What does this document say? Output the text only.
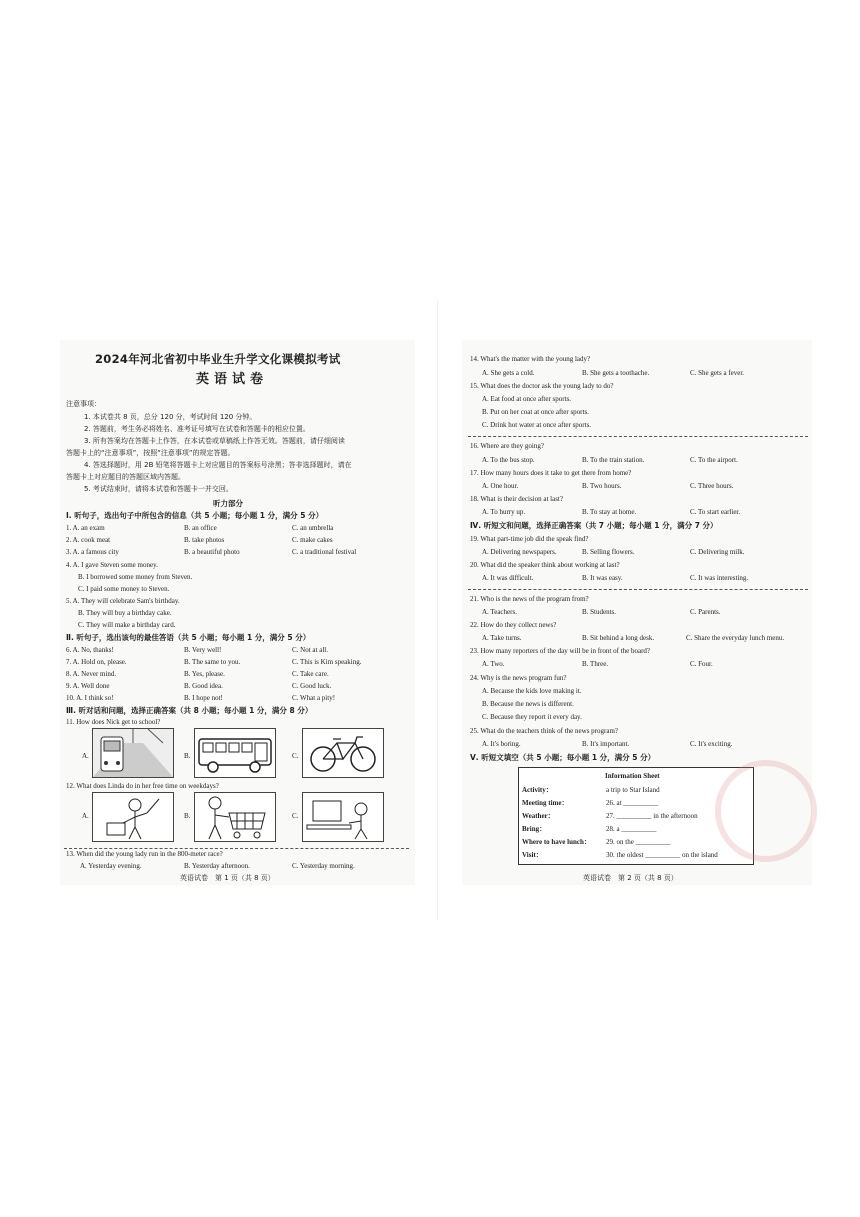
2024年河北省初中毕业生升学文化课模拟考试
英语试卷
注意事项：
1. 本试卷共 8 页，总分 120 分，考试时间 120 分钟。
2. 答题前，考生务必将姓名、准考证号填写在试卷和答题卡的相应位置。
3. 所有答案均在答题卡上作答，在本试卷或草稿纸上作答无效。答题前，请仔细阅读
答题卡上的“注意事项”，按照“注意事项”的规定答题。
4. 答选择题时，用 2B 铅笔将答题卡上对应题目的答案标号涂黑；答非选择题时，请在
答题卡上对应题目的答题区域内答题。
5. 考试结束时，请将本试卷和答题卡一并交回。
听力部分
Ⅰ. 听句子，选出句子中所包含的信息（共 5 小题；每小题 1 分，满分 5 分）
1. A. an exam	B. an office	C. an umbrella
2. A. cook meat	B. take photos	C. make cakes
3. A. a famous city	B. a beautiful photo	C. a traditional festival
4. A. I gave Steven some money.
B. I borrowed some money from Steven.
C. I paid some money to Steven.
5. A. They will celebrate Sam's birthday.
B. They will buy a birthday cake.
C. They will make a birthday card.
Ⅱ. 听句子，选出该句的最佳答语（共 5 小题；每小题 1 分，满分 5 分）
6. A. No, thanks!	B. Very well!	C. Not at all.
7. A. Hold on, please.	B. The same to you.	C. This is Kim speaking.
8. A. Never mind.	B. Yes, please.	C. Take care.
9. A. Well done	B. Good idea.	C. Good luck.
10. A. I think so!	B. I hope not!	C. What a pity!
Ⅲ. 听对话和问题，选择正确答案（共 8 小题；每小题 1 分，满分 8 分）
11. How does Nick get to school?
A.	B.	C.
12. What does Linda do in her free time on weekdays?
A.	B.	C.
13. When did the young lady run in the 800-meter race?
A. Yesterday evening.	B. Yesterday afternoon.	C. Yesterday morning.
英语试卷　第 1 页（共 8 页）
14. What's the matter with the young lady?
A. She gets a cold.	B. She gets a toothache.	C. She gets a fever.
15. What does the doctor ask the young lady to do?
A. Eat food at once after sports.
B. Put on her coat at once after sports.
C. Drink hot water at once after sports.
16. Where are they going?
A. To the bus stop.	B. To the train station.	C. To the airport.
17. How many hours does it take to get there from home?
A. One hour.	B. Two hours.	C. Three hours.
18. What is their decision at last?
A. To hurry up.	B. To stay at home.	C. To start earlier.
Ⅳ. 听短文和问题，选择正确答案（共 7 小题；每小题 1 分，满分 7 分）
19. What part-time job did the speak find?
A. Delivering newspapers.	B. Selling flowers.	C. Delivering milk.
20. What did the speaker think about working at last?
A. It was difficult.	B. It was easy.	C. It was interesting.
21. Who is the news of the program from?
A. Teachers.	B. Students.	C. Parents.
22. How do they collect news?
A. Take turns.	B. Sit behind a long desk.	C. Share the everyday lunch menu.
23. How many reporters of the day will be in front of the board?
A. Two.	B. Three.	C. Four.
24. Why is the news program fun?
A. Because the kids love making it.
B. Because the news is different.
C. Because they report it every day.
25. What do the teachers think of the news program?
A. It's boring.	B. It's important.	C. It's exciting.
Ⅴ. 听短文填空（共 5 小题；每小题 1 分，满分 5 分）
Information Sheet
Activity：	a trip to Star Island
Meeting time：	26. at __________
Weather：	27. __________ in the afternoon
Bring：	28. a __________
Where to have lunch： 29. on the __________
Visit：	30. the oldest __________ on the island
英语试卷　第 2 页（共 8 页）
